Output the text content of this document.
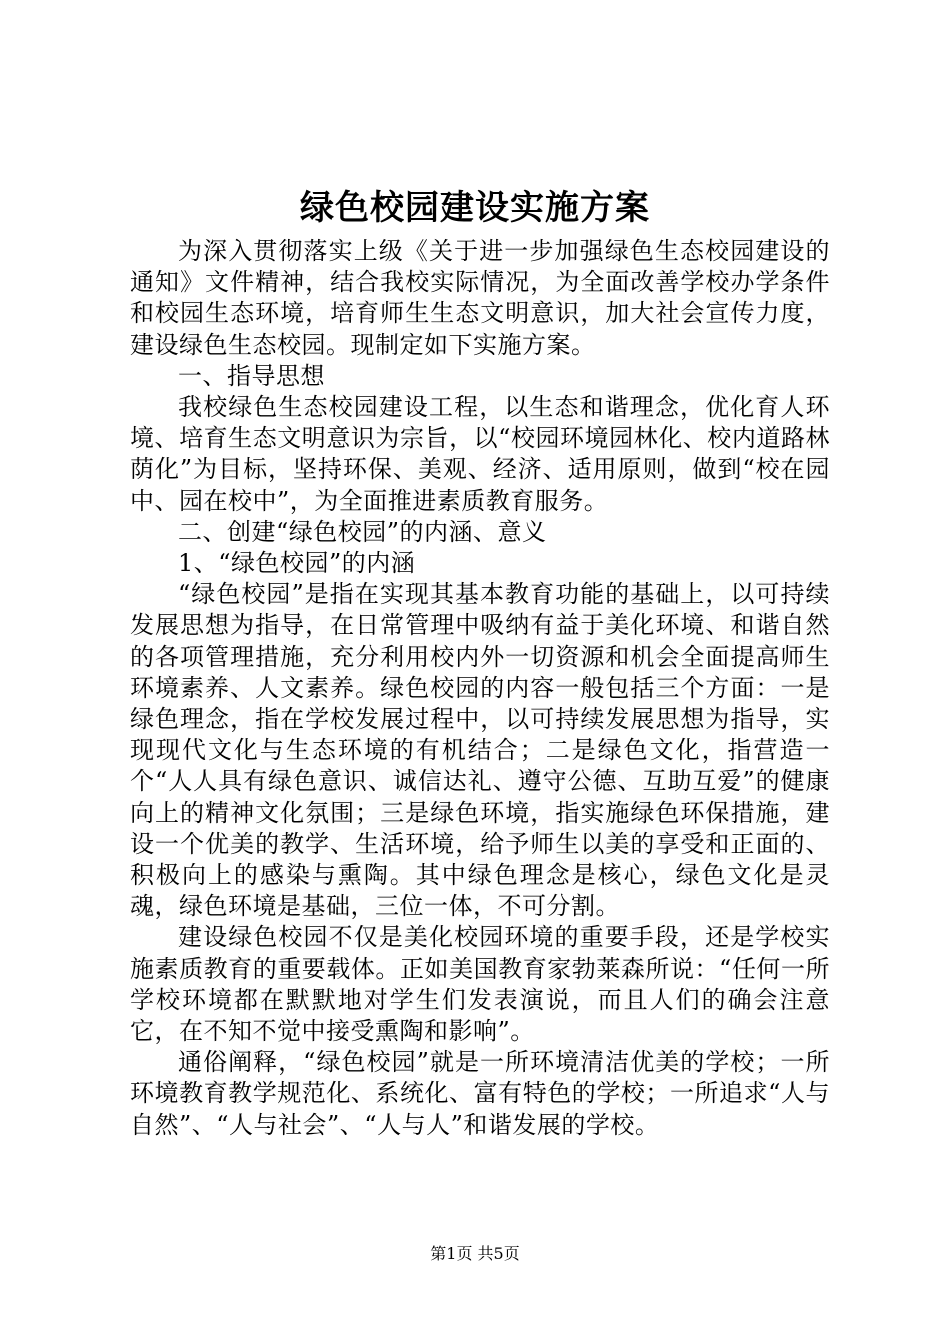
绿色校园建设实施方案

为深入贯彻落实上级《关于进一步加强绿色生态校园建设的通知》文件精神，结合我校实际情况，为全面改善学校办学条件和校园生态环境，培育师生生态文明意识，加大社会宣传力度，建设绿色生态校园。现制定如下实施方案。

一、指导思想

我校绿色生态校园建设工程，以生态和谐理念，优化育人环境、培育生态文明意识为宗旨，以“校园环境园林化、校内道路林荫化”为目标，坚持环保、美观、经济、适用原则，做到“校在园中、园在校中”，为全面推进素质教育服务。

二、创建“绿色校园”的内涵、意义

1、“绿色校园”的内涵

“绿色校园”是指在实现其基本教育功能的基础上，以可持续发展思想为指导，在日常管理中吸纳有益于美化环境、和谐自然的各项管理措施，充分利用校内外一切资源和机会全面提高师生环境素养、人文素养。绿色校园的内容一般包括三个方面：一是绿色理念，指在学校发展过程中，以可持续发展思想为指导，实现现代文化与生态环境的有机结合；二是绿色文化，指营造一个“人人具有绿色意识、诚信达礼、遵守公德、互助互爱”的健康向上的精神文化氛围；三是绿色环境，指实施绿色环保措施，建设一个优美的教学、生活环境，给予师生以美的享受和正面的、积极向上的感染与熏陶。其中绿色理念是核心，绿色文化是灵魂，绿色环境是基础，三位一体，不可分割。

建设绿色校园不仅是美化校园环境的重要手段，还是学校实施素质教育的重要载体。正如美国教育家勃莱森所说：“任何一所学校环境都在默默地对学生们发表演说，而且人们的确会注意它，在不知不觉中接受熏陶和影响”。

通俗阐释，“绿色校园”就是一所环境清洁优美的学校；一所环境教育教学规范化、系统化、富有特色的学校；一所追求“人与自然”、“人与社会”、“人与人”和谐发展的学校。

第1页 共5页
